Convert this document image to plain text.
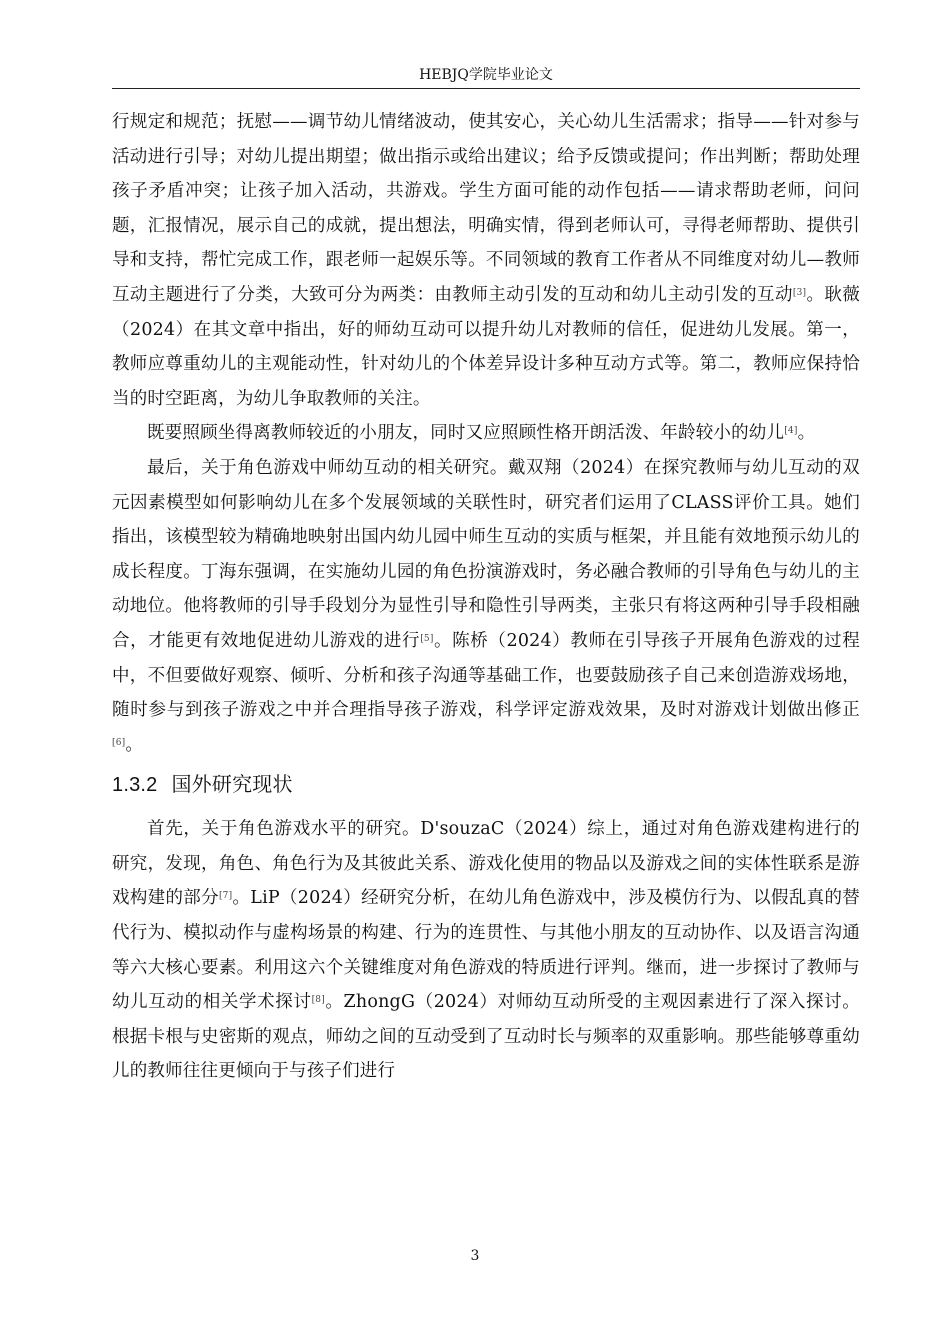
HEBJQ学院毕业论文

行规定和规范；抚慰——调节幼儿情绪波动，使其安心，关心幼儿生活需求；指导——针对参与活动进行引导；对幼儿提出期望；做出指示或给出建议；给予反馈或提问；作出判断；帮助处理孩子矛盾冲突；让孩子加入活动，共游戏。学生方面可能的动作包括——请求帮助老师，问问题，汇报情况，展示自己的成就，提出想法，明确实情，得到老师认可，寻得老师帮助、提供引导和支持，帮忙完成工作，跟老师一起娱乐等。不同领域的教育工作者从不同维度对幼儿—教师互动主题进行了分类，大致可分为两类：由教师主动引发的互动和幼儿主动引发的互动[3]。耿薇（2024）在其文章中指出，好的师幼互动可以提升幼儿对教师的信任，促进幼儿发展。第一，教师应尊重幼儿的主观能动性，针对幼儿的个体差异设计多种互动方式等。第二，教师应保持恰当的时空距离，为幼儿争取教师的关注。

既要照顾坐得离教师较近的小朋友，同时又应照顾性格开朗活泼、年龄较小的幼儿[4]。

最后，关于角色游戏中师幼互动的相关研究。戴双翔（2024）在探究教师与幼儿互动的双元因素模型如何影响幼儿在多个发展领域的关联性时，研究者们运用了CLASS评价工具。她们指出，该模型较为精确地映射出国内幼儿园中师生互动的实质与框架，并且能有效地预示幼儿的成长程度。丁海东强调，在实施幼儿园的角色扮演游戏时，务必融合教师的引导角色与幼儿的主动地位。他将教师的引导手段划分为显性引导和隐性引导两类，主张只有将这两种引导手段相融合，才能更有效地促进幼儿游戏的进行[5]。陈桥（2024）教师在引导孩子开展角色游戏的过程中，不但要做好观察、倾听、分析和孩子沟通等基础工作，也要鼓励孩子自己来创造游戏场地，随时参与到孩子游戏之中并合理指导孩子游戏，科学评定游戏效果，及时对游戏计划做出修正[6]。

1.3.2 国外研究现状

首先，关于角色游戏水平的研究。D'souzaC（2024）综上，通过对角色游戏建构进行的研究，发现，角色、角色行为及其彼此关系、游戏化使用的物品以及游戏之间的实体性联系是游戏构建的部分[7]。LiP（2024）经研究分析，在幼儿角色游戏中，涉及模仿行为、以假乱真的替代行为、模拟动作与虚构场景的构建、行为的连贯性、与其他小朋友的互动协作、以及语言沟通等六大核心要素。利用这六个关键维度对角色游戏的特质进行评判。继而，进一步探讨了教师与幼儿互动的相关学术探讨[8]。ZhongG（2024）对师幼互动所受的主观因素进行了深入探讨。根据卡根与史密斯的观点，师幼之间的互动受到了互动时长与频率的双重影响。那些能够尊重幼儿的教师往往更倾向于与孩子们进行

3
